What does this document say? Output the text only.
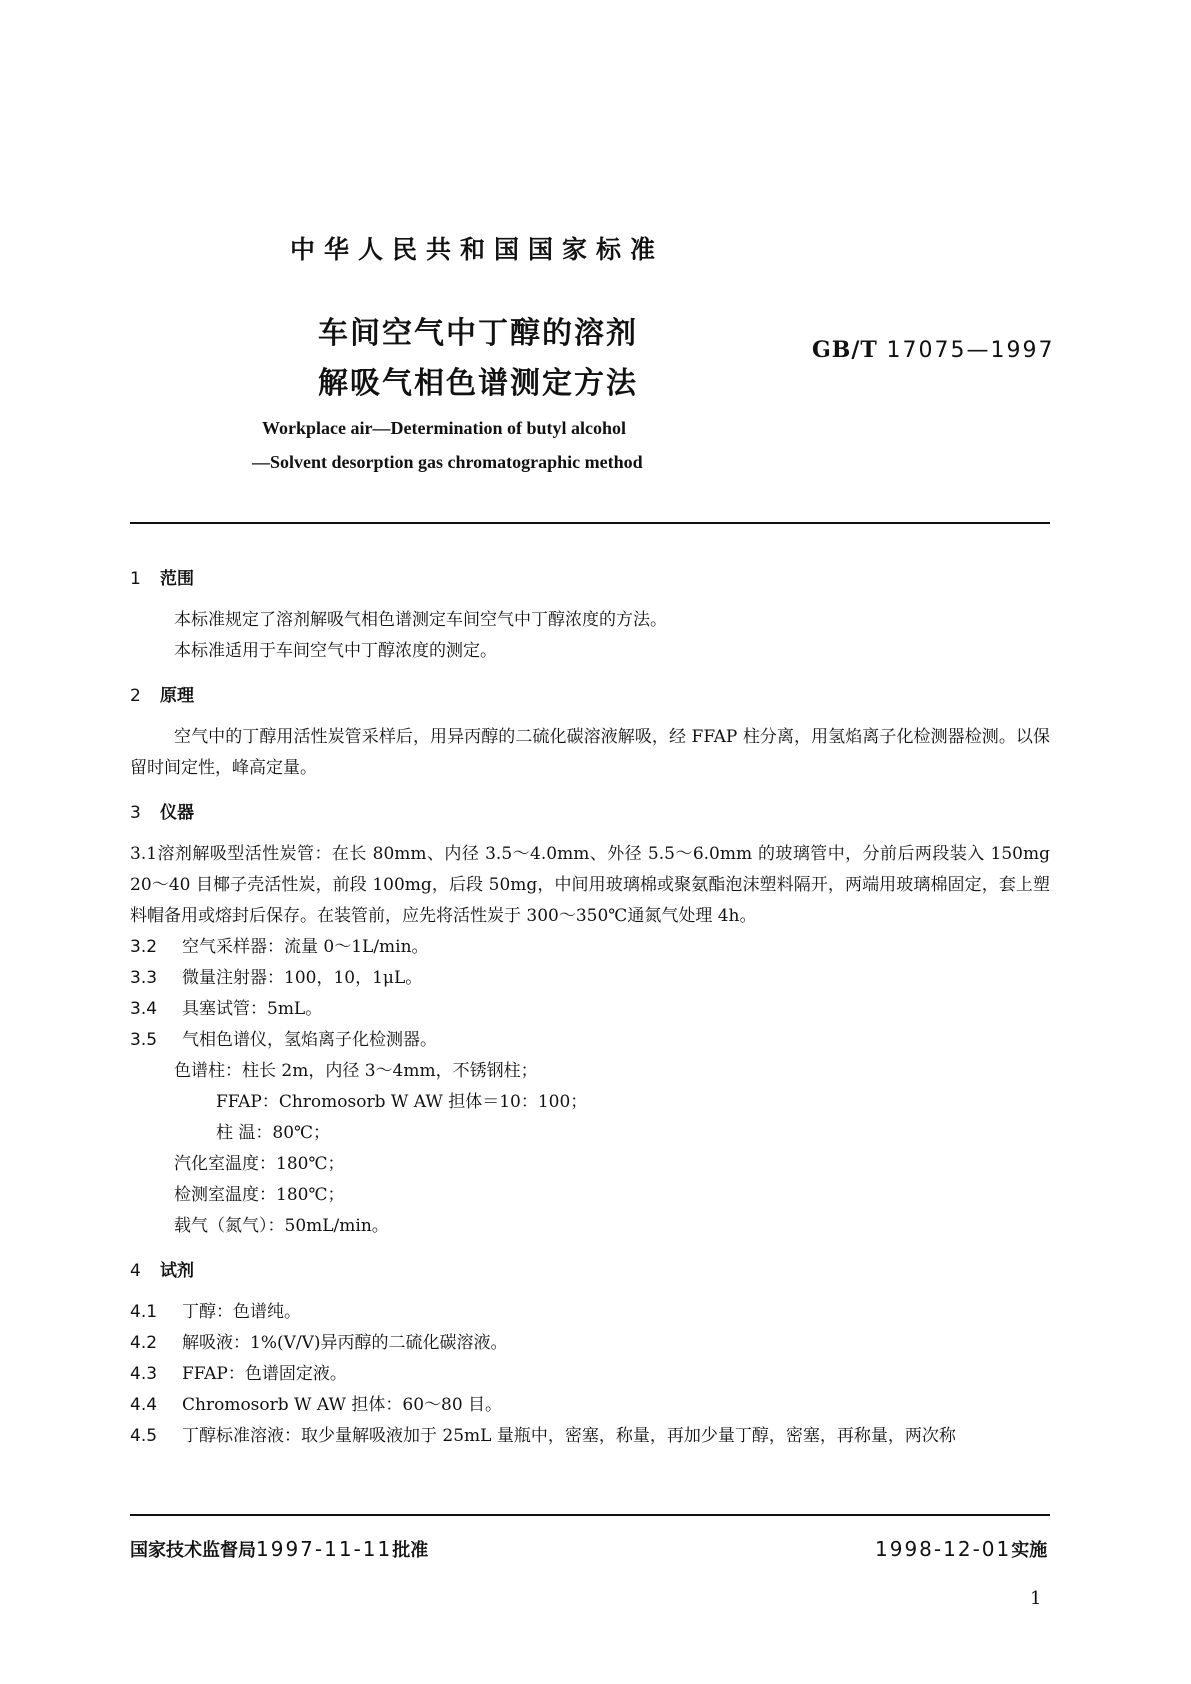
中华人民共和国国家标准
车间空气中丁醇的溶剂
解吸气相色谱测定方法
GB/T 17075—1997
Workplace air—Determination of butyl alcohol
—Solvent desorption gas chromatographic method
1 范围

本标准规定了溶剂解吸气相色谱测定车间空气中丁醇浓度的方法。

本标准适用于车间空气中丁醇浓度的测定。

2 原理

空气中的丁醇用活性炭管采样后，用异丙醇的二硫化碳溶液解吸，经 FFAP 柱分离，用氢焰离子化检测器检测。以保留时间定性，峰高定量。

3 仪器

3.1溶剂解吸型活性炭管：在长 80mm、内径 3.5～4.0mm、外径 5.5～6.0mm 的玻璃管中，分前后两段装入 150mg 20～40 目椰子壳活性炭，前段 100mg，后段 50mg，中间用玻璃棉或聚氨酯泡沫塑料隔开，两端用玻璃棉固定，套上塑料帽备用或熔封后保存。在装管前，应先将活性炭于 300～350℃通氮气处理 4h。

3.2 空气采样器：流量 0～1L/min。

3.3 微量注射器：100，10，1μL。

3.4 具塞试管：5mL。

3.5 气相色谱仪，氢焰离子化检测器。

色谱柱：柱长 2m，内径 3～4mm，不锈钢柱；

FFAP：Chromosorb W AW 担体＝10：100；

柱 温：80℃；

汽化室温度：180℃；

检测室温度：180℃；

载气（氮气）：50mL/min。

4 试剂

4.1 丁醇：色谱纯。

4.2 解吸液：1%(V/V)异丙醇的二硫化碳溶液。

4.3 FFAP：色谱固定液。

4.4 Chromosorb W AW 担体：60～80 目。

4.5 丁醇标准溶液：取少量解吸液加于 25mL 量瓶中，密塞，称量，再加少量丁醇，密塞，再称量，两次称

国家技术监督局1997-11-11批准	1998-12-01实施
1
